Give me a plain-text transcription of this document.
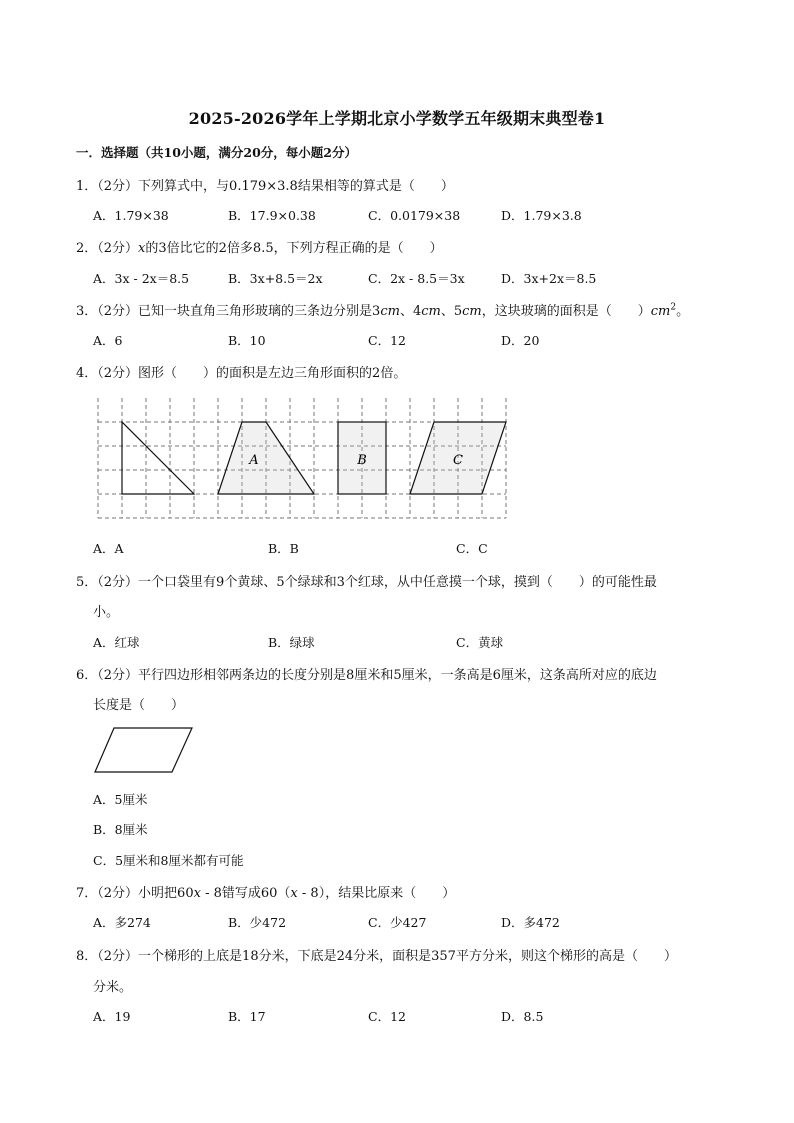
2025-2026学年上学期北京小学数学五年级期末典型卷1
一．选择题（共10小题，满分20分，每小题2分）
1．（2分）下列算式中，与0.179×3.8结果相等的算式是（　　）
A．1.79×38	B．17.9×0.38	C．0.0179×38	D．1.79×3.8
2．（2分）x的3倍比它的2倍多8.5，下列方程正确的是（　　）
A．3x - 2x＝8.5	B．3x+8.5＝2x	C．2x - 8.5＝3x	D．3x+2x＝8.5
3．（2分）已知一块直角三角形玻璃的三条边分别是3cm、4cm、5cm，这块玻璃的面积是（　　）$cm^2$。
A．6	B．10	C．12	D．20
4．（2分）图形（　　）的面积是左边三角形面积的2倍。
A	B	C
A．A	B．B	C．C
5．（2分）一个口袋里有9个黄球、5个绿球和3个红球，从中任意摸一个球，摸到（　　）的可能性最
小。
A．红球	B．绿球	C．黄球
6．（2分）平行四边形相邻两条边的长度分别是8厘米和5厘米，一条高是6厘米，这条高所对应的底边
长度是（　　）
A．5厘米
B．8厘米
C．5厘米和8厘米都有可能
7．（2分）小明把60x - 8错写成60（x - 8），结果比原来（　　）
A．多274	B．少472	C．少427	D．多472
8．（2分）一个梯形的上底是18分米，下底是24分米，面积是357平方分米，则这个梯形的高是（　　）
分米。
A．19	B．17	C．12	D．8.5
